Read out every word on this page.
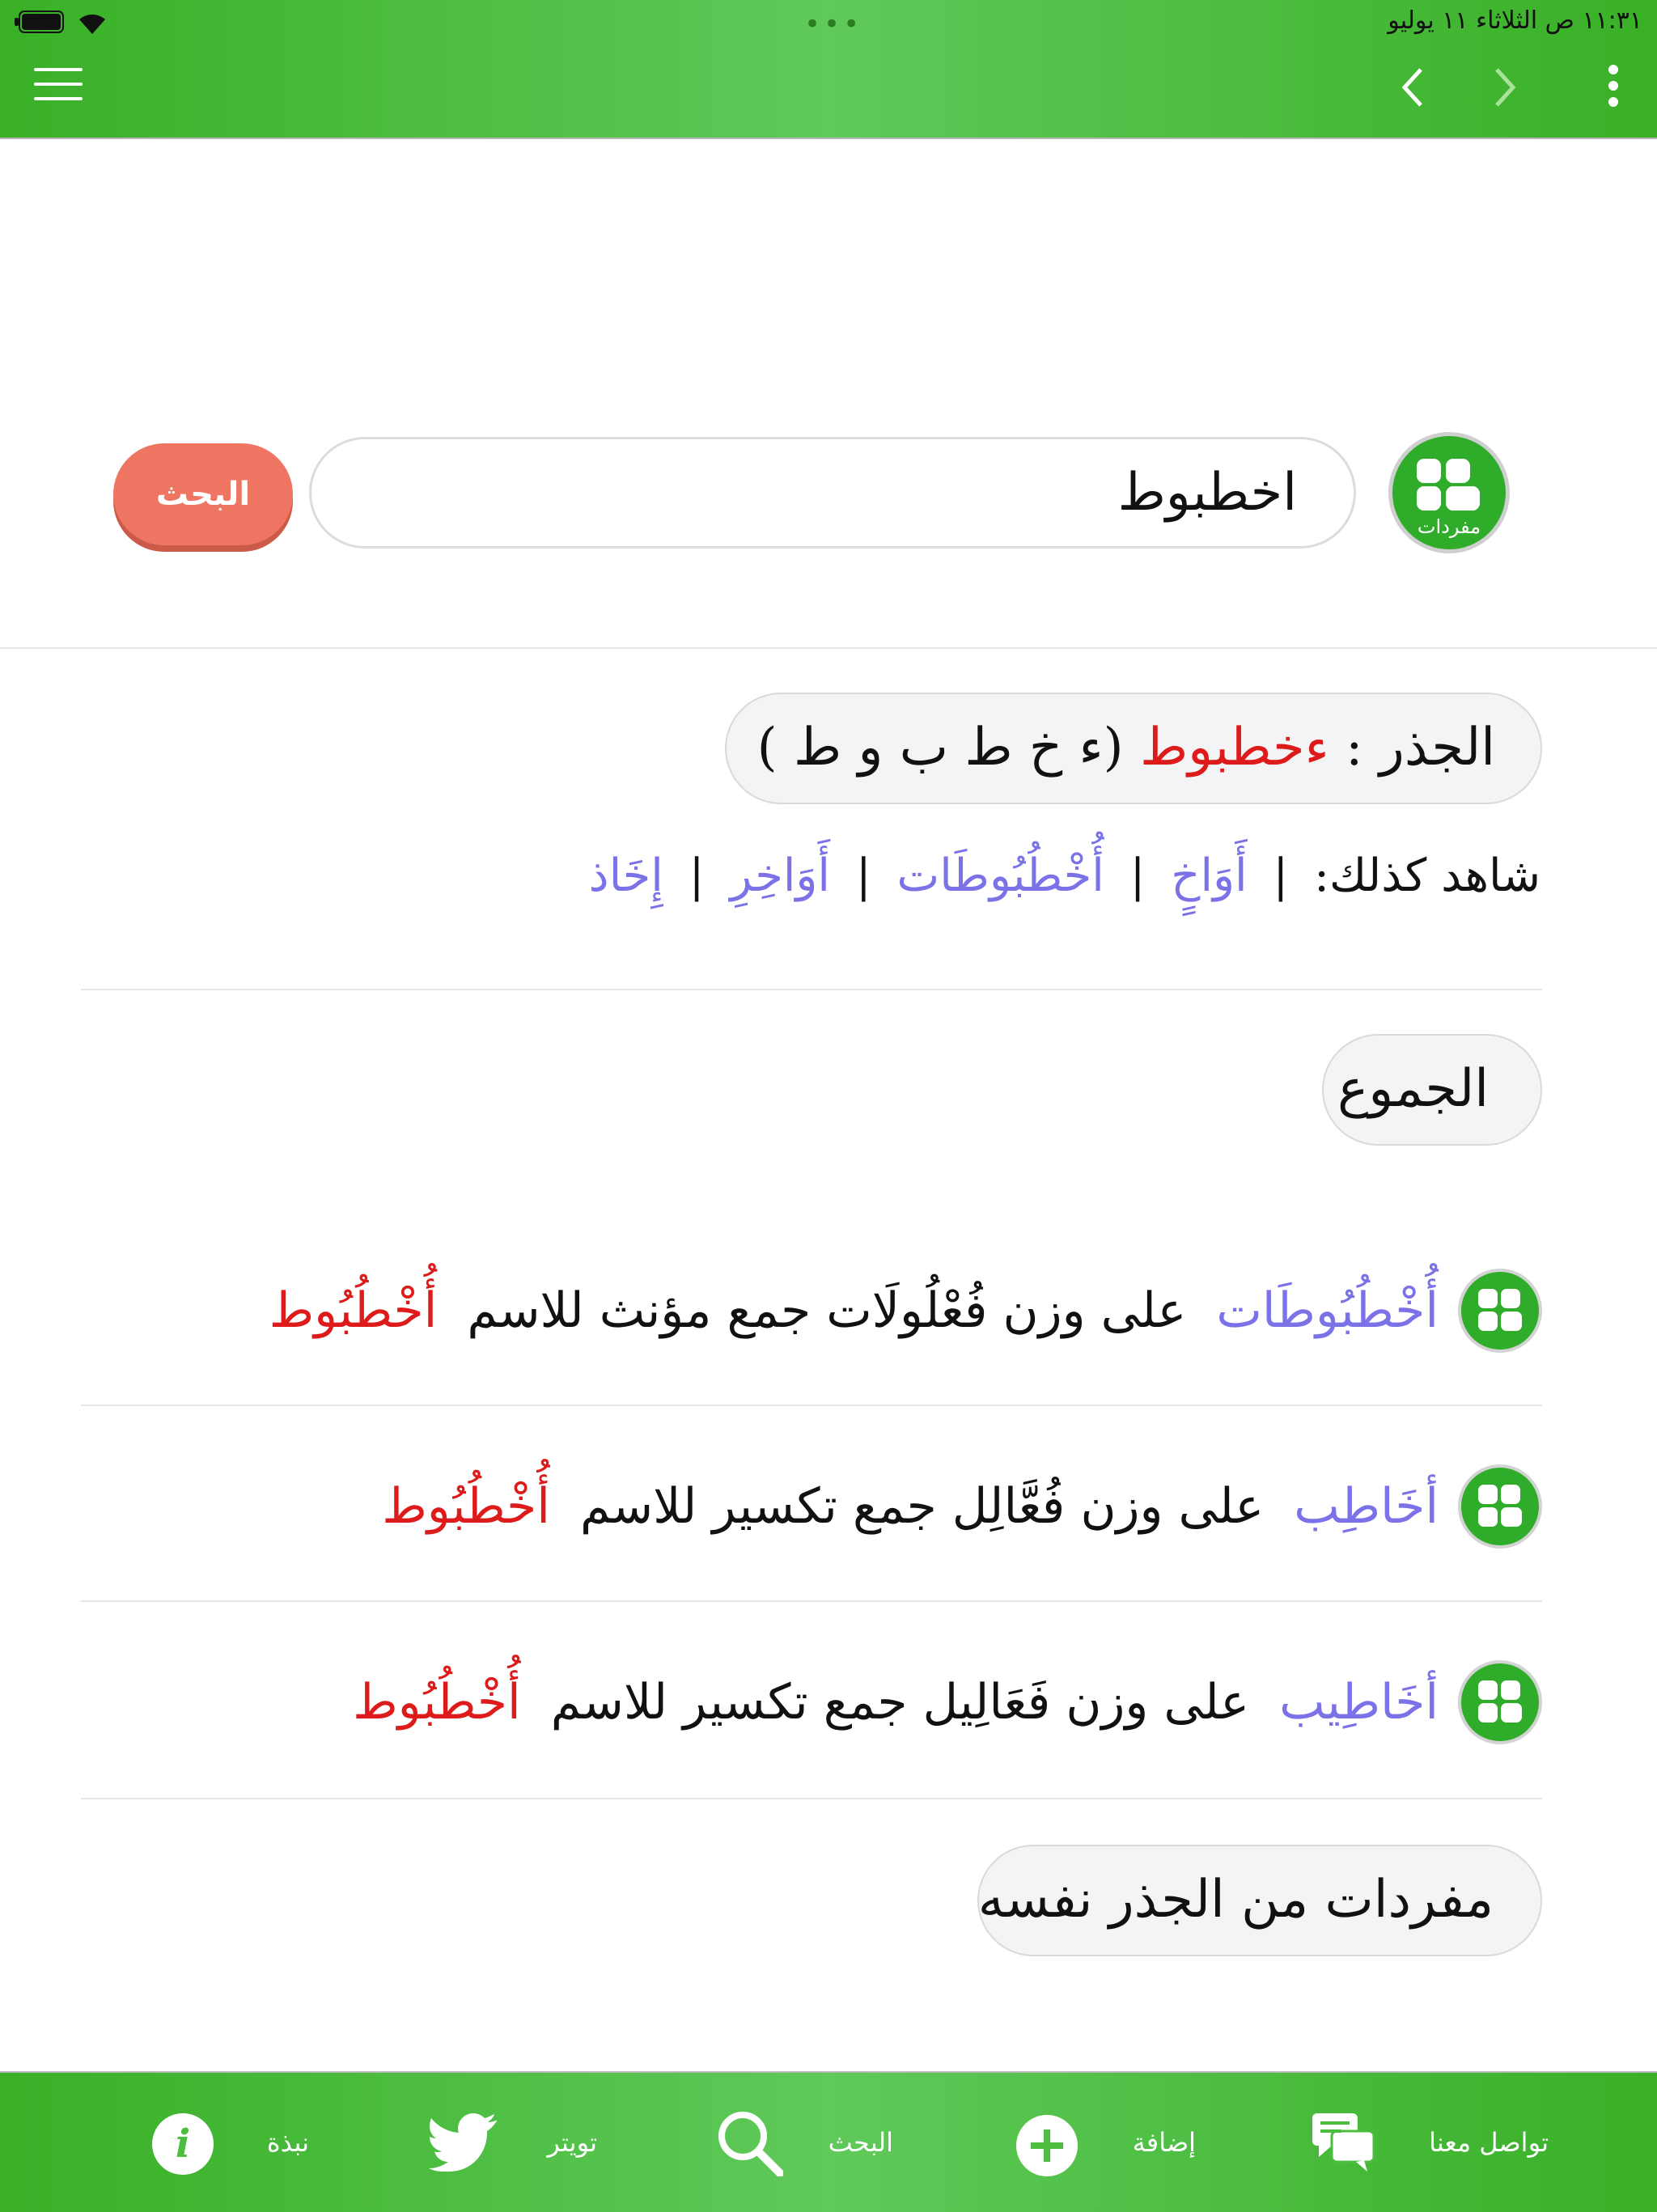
١١:٣١ ص الثلاثاء ١١ يوليو
•••
مفردات
اخطبوط
البحث
الجذر : ءخطبوط (ء خ ط ب و ط )
شاهد كذلك: | أَوَاخٍ | أُخْطُبُوطَات | أَوَاخِرِ | إِخَاذ
الجموع
أُخْطُبُوطَات على وزن فُعْلُولَات جمع مؤنث للاسم أُخْطُبُوط
أخَاطِب على وزن فُعَّالِل جمع تكسير للاسم أُخْطُبُوط
أخَاطِيب على وزن فَعَالِيل جمع تكسير للاسم أُخْطُبُوط
مفردات من الجذر نفسه
تواصل معنا
إضافة
البحث
تويتر
نبذة
i
